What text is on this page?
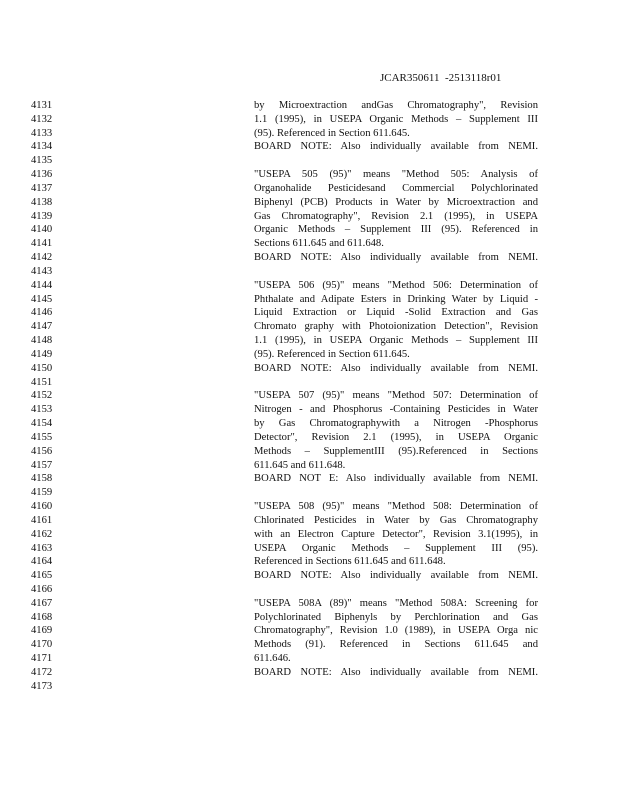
JCAR350611  -2513118r01
4131	by Microextraction andGas Chromatography", Revision
4132	1.1 (1995), in USEPA Organic Methods – Supplement III
4133	(95). Referenced in Section 611.645.
4134	BOARD NOTE: Also individually available from NEMI.
4135
4136	"USEPA 505 (95)" means "Method 505: Analysis of
4137	Organohalide Pesticidesand Commercial Polychlorinated
4138	Biphenyl (PCB) Products in Water by Microextraction and
4139	Gas Chromatography", Revision 2.1 (1995), in USEPA
4140	Organic Methods – Supplement III (95). Referenced in
4141	Sections 611.645 and 611.648.
4142	BOARD NOTE: Also individually available from NEMI.
4143
4144	"USEPA 506 (95)" means "Method 506: Determination of
4145	Phthalate and Adipate Esters in Drinking Water by Liquid -
4146	Liquid Extraction or Liquid -Solid Extraction and Gas
4147	Chromato graphy with Photoionization Detection", Revision
4148	1.1 (1995), in USEPA Organic Methods – Supplement III
4149	(95). Referenced in Section 611.645.
4150	BOARD NOTE: Also individually available from NEMI.
4151
4152	"USEPA 507 (95)" means "Method 507: Determination of
4153	Nitrogen - and Phosphorus -Containing Pesticides in Water
4154	by Gas Chromatographywith a Nitrogen -Phosphorus
4155	Detector", Revision 2.1 (1995), in USEPA Organic
4156	Methods – SupplementIII (95).Referenced in Sections
4157	611.645 and 611.648.
4158	BOARD NOT E: Also individually available from NEMI.
4159
4160	"USEPA 508 (95)" means "Method 508: Determination of
4161	Chlorinated Pesticides in Water by Gas Chromatography
4162	with an Electron Capture Detector", Revision 3.1(1995), in
4163	USEPA Organic Methods – Supplement III (95).
4164	Referenced in Sections 611.645 and 611.648.
4165	BOARD NOTE: Also individually available from NEMI.
4166
4167	"USEPA 508A (89)" means "Method 508A: Screening for
4168	Polychlorinated Biphenyls by Perchlorination and Gas
4169	Chromatography", Revision 1.0 (1989), in USEPA Orga nic
4170	Methods (91). Referenced in Sections 611.645 and
4171	611.646.
4172	BOARD NOTE: Also individually available from NEMI.
4173
